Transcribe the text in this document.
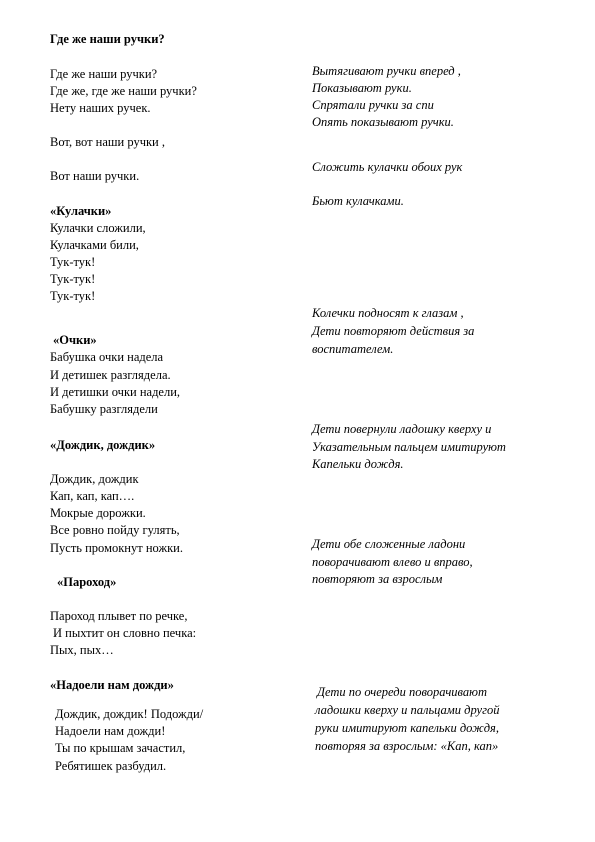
Где же наши ручки?
Где же наши ручки?
Где же, где же наши ручки?
Нету наших ручек.
Вот, вот наши ручки ,
Вот наши ручки.
«Кулачки»
Кулачки сложили,
Кулачками били,
Тук-тук!
Тук-тук!
Тук-тук!
«Очки»
Бабушка очки надела
И детишек разглядела.
И детишки очки надели,
Бабушку разглядели
«Дождик, дождик»
Дождик, дождик
Кап, кап, кап….
Мокрые дорожки.
Все ровно пойду гулять,
Пусть промокнут ножки.
«Пароход»
Пароход плывет по речке,
И пыхтит он словно печка:
Пых, пых…
«Надоели нам дожди»
Дождик, дождик! Подожди/
Надоели нам дожди!
Ты по крышам зачастил,
Ребятишек разбудил.
Вытягивают ручки вперед ,
Показывают руки.
Спрятали ручки за спи
Опять показывают ручки.
Сложить кулачки обоих рук
Бьют кулачками.
Колечки подносят к глазам ,
Дети повторяют действия за
воспитателем.
Дети повернули ладошку кверху и
Указательным пальцем имитируют
Капельки дождя.
Дети обе сложенные ладони
поворачивают влево и вправо,
повторяют за взрослым
Дети по очереди поворачивают
ладошки кверху и пальцами другой
руки имитируют капельки дождя,
повторяя за взрослым: «Кап, кап»
